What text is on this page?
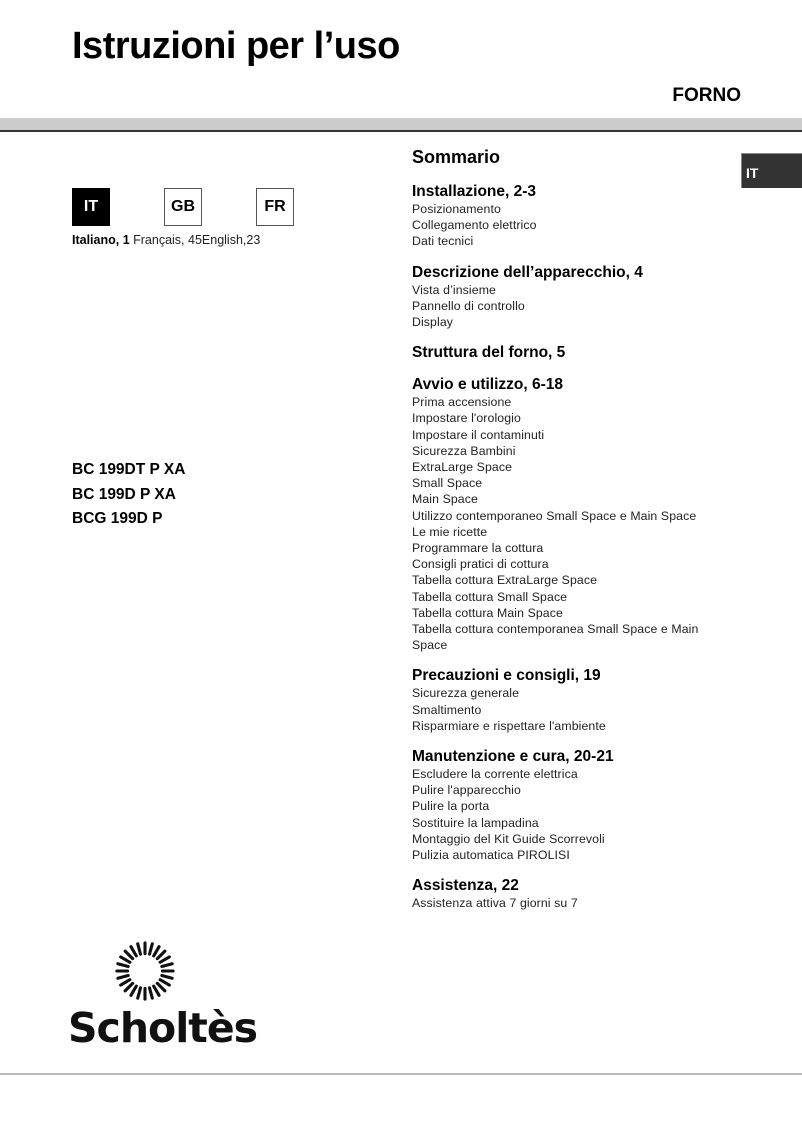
Istruzioni per l’uso
FORNO
IT
IT	GB	FR
Italiano, 1 Français, 45English,23
BC 199DT P XA
BC 199D P XA
BCG 199D P
Sommario
Installazione, 2-3
Posizionamento
Collegamento elettrico
Dati tecnici
Descrizione dell’apparecchio, 4
Vista d’insieme
Pannello di controllo
Display
Struttura del forno, 5
Avvio e utilizzo, 6-18
Prima accensione
Impostare l'orologio
Impostare il contaminuti
Sicurezza Bambini
ExtraLarge Space
Small Space
Main Space
Utilizzo contemporaneo Small Space e Main Space
Le mie ricette
Programmare la cottura
Consigli pratici di cottura
Tabella cottura ExtraLarge Space
Tabella cottura Small Space
Tabella cottura Main Space
Tabella cottura contemporanea Small Space e Main
Space
Precauzioni e consigli, 19
Sicurezza generale
Smaltimento
Risparmiare e rispettare l'ambiente
Manutenzione e cura, 20-21
Escludere la corrente elettrica
Pulire l'apparecchio
Pulire la porta
Sostituire la lampadina
Montaggio del Kit Guide Scorrevoli
Pulizia automatica PIROLISI
Assistenza, 22
Assistenza attiva 7 giorni su 7
Scholtès
